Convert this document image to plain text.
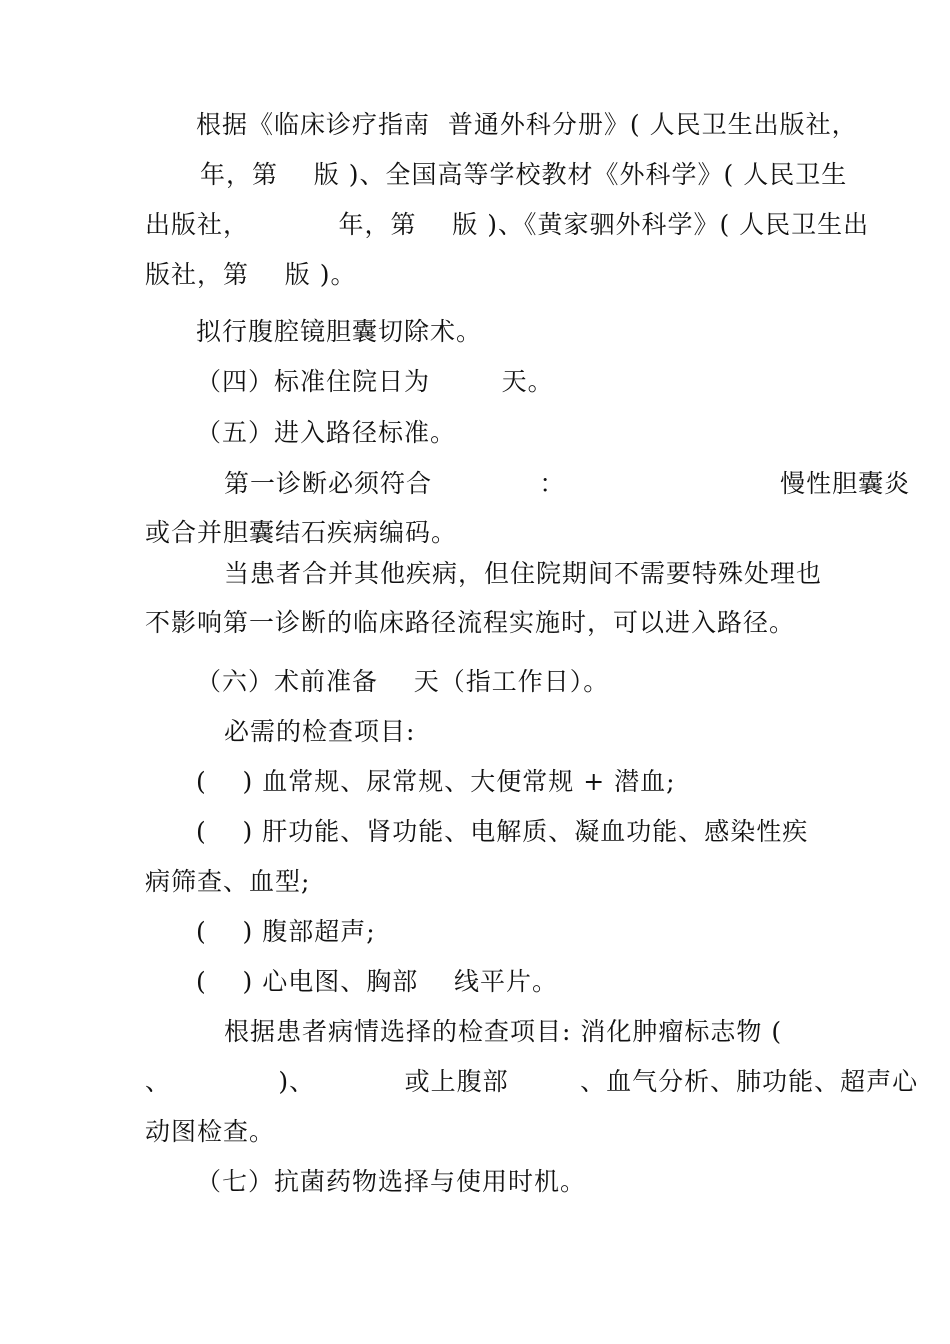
根据《临床诊疗指南  普通外科分册》( 人民卫生出版社，
年，第    版 )、全国高等学校教材《外科学》( 人民卫生
出版社，          年，第    版 )、《黄家驷外科学》( 人民卫生出
版社，第    版 )。
拟行腹腔镜胆囊切除术。
（四）标准住院日为        天。
（五）进入路径标准。
第一诊断必须符合            ：                        慢性胆囊炎
或合并胆囊结石疾病编码。
当患者合并其他疾病，但住院期间不需要特殊处理也
不影响第一诊断的临床路径流程实施时，可以进入路径。
（六）术前准备    天（指工作日）。
必需的检查项目:
(    ) 血常规、尿常规、大便常规 + 潜血;
(    ) 肝功能、肾功能、电解质、凝血功能、感染性疾
病筛查、血型;
(    ) 腹部超声;
(    ) 心电图、胸部    线平片。
根据患者病情选择的检查项目: 消化肿瘤标志物 (
、            )、          或上腹部        、血气分析、肺功能、超声心
动图检查。
（七）抗菌药物选择与使用时机。
